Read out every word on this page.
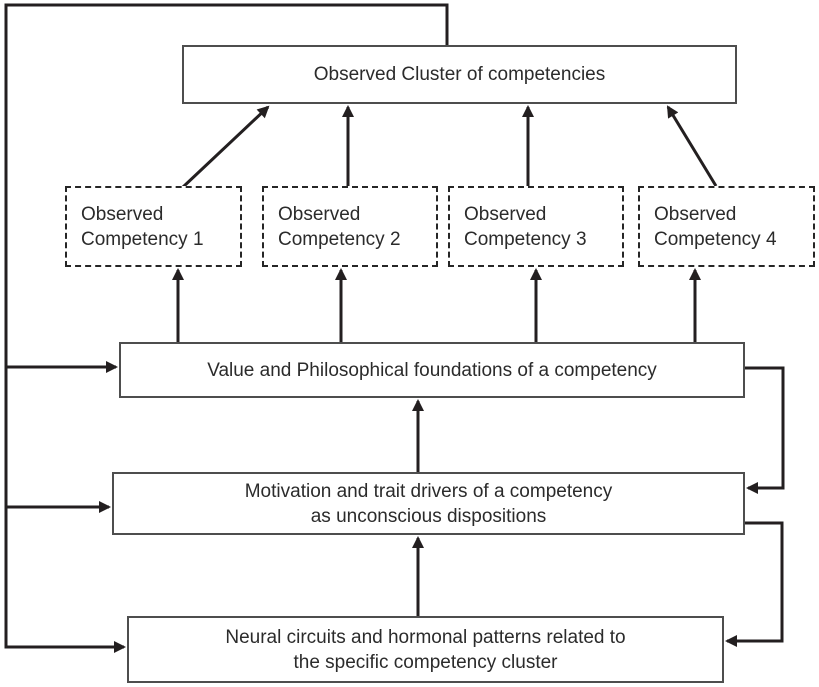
Observed Cluster of competencies
Observed
Competency 1
Observed
Competency 2
Observed
Competency 3
Observed
Competency 4
Value and Philosophical foundations of a competency
Motivation and trait drivers of a competency
as unconscious dispositions
Neural circuits and hormonal patterns related to
the specific competency cluster
